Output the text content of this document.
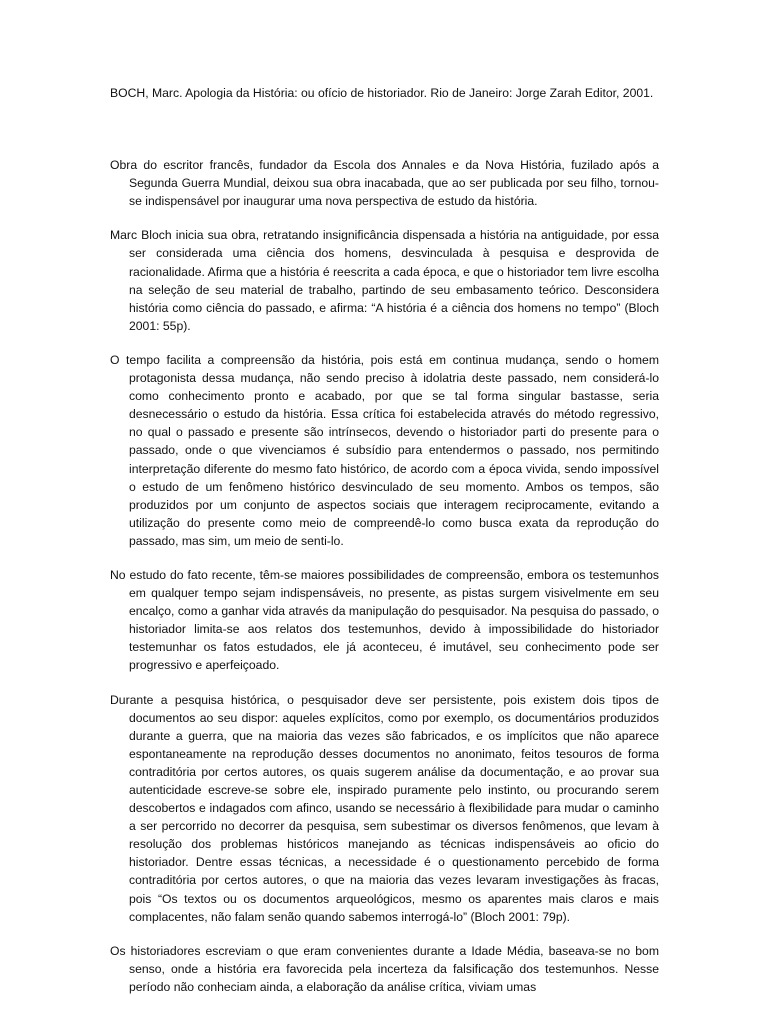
BOCH, Marc. Apologia da História: ou ofício de historiador. Rio de Janeiro: Jorge Zarah Editor, 2001.

Obra do escritor francês, fundador da Escola dos Annales e da Nova História, fuzilado após a Segunda Guerra Mundial, deixou sua obra inacabada, que ao ser publicada por seu filho, tornou-se indispensável por inaugurar uma nova perspectiva de estudo da história.

Marc Bloch inicia sua obra, retratando insignificância dispensada a história na antiguidade, por essa ser considerada uma ciência dos homens, desvinculada à pesquisa e desprovida de racionalidade. Afirma que a história é reescrita a cada época, e que o historiador tem livre escolha na seleção de seu material de trabalho, partindo de seu embasamento teórico. Desconsidera história como ciência do passado, e afirma: “A história é a ciência dos homens no tempo” (Bloch 2001: 55p).

O tempo facilita a compreensão da história, pois está em continua mudança, sendo o homem protagonista dessa mudança, não sendo preciso à idolatria deste passado, nem considerá-lo como conhecimento pronto e acabado, por que se tal forma singular bastasse, seria desnecessário o estudo da história. Essa crítica foi estabelecida através do método regressivo, no qual o passado e presente são intrínsecos, devendo o historiador parti do presente para o passado, onde o que vivenciamos é subsídio para entendermos o passado, nos permitindo interpretação diferente do mesmo fato histórico, de acordo com a época vivida, sendo impossível o estudo de um fenômeno histórico desvinculado de seu momento. Ambos os tempos, são produzidos por um conjunto de aspectos sociais que interagem reciprocamente, evitando a utilização do presente como meio de compreendê-lo como busca exata da reprodução do passado, mas sim, um meio de senti-lo.

No estudo do fato recente, têm-se maiores possibilidades de compreensão, embora os testemunhos em qualquer tempo sejam indispensáveis, no presente, as pistas surgem visivelmente em seu encalço, como a ganhar vida através da manipulação do pesquisador. Na pesquisa do passado, o historiador limita-se aos relatos dos testemunhos, devido à impossibilidade do historiador testemunhar os fatos estudados, ele já aconteceu, é imutável, seu conhecimento pode ser progressivo e aperfeiçoado.

Durante a pesquisa histórica, o pesquisador deve ser persistente, pois existem dois tipos de documentos ao seu dispor: aqueles explícitos, como por exemplo, os documentários produzidos durante a guerra, que na maioria das vezes são fabricados, e os implícitos que não aparece espontaneamente na reprodução desses documentos no anonimato, feitos tesouros de forma contraditória por certos autores, os quais sugerem análise da documentação, e ao provar sua autenticidade escreve-se sobre ele, inspirado puramente pelo instinto, ou procurando serem descobertos e indagados com afinco, usando se necessário à flexibilidade para mudar o caminho a ser percorrido no decorrer da pesquisa, sem subestimar os diversos fenômenos, que levam à resolução dos problemas históricos manejando as técnicas indispensáveis ao oficio do historiador. Dentre essas técnicas, a necessidade é o questionamento percebido de forma contraditória por certos autores, o que na maioria das vezes levaram investigações às fracas, pois “Os textos ou os documentos arqueológicos, mesmo os aparentes mais claros e mais complacentes, não falam senão quando sabemos interrogá-lo” (Bloch 2001: 79p).

Os historiadores escreviam o que eram convenientes durante a Idade Média, baseava-se no bom senso, onde a história era favorecida pela incerteza da falsificação dos testemunhos. Nesse período não conheciam ainda, a elaboração da análise crítica, viviam umas
